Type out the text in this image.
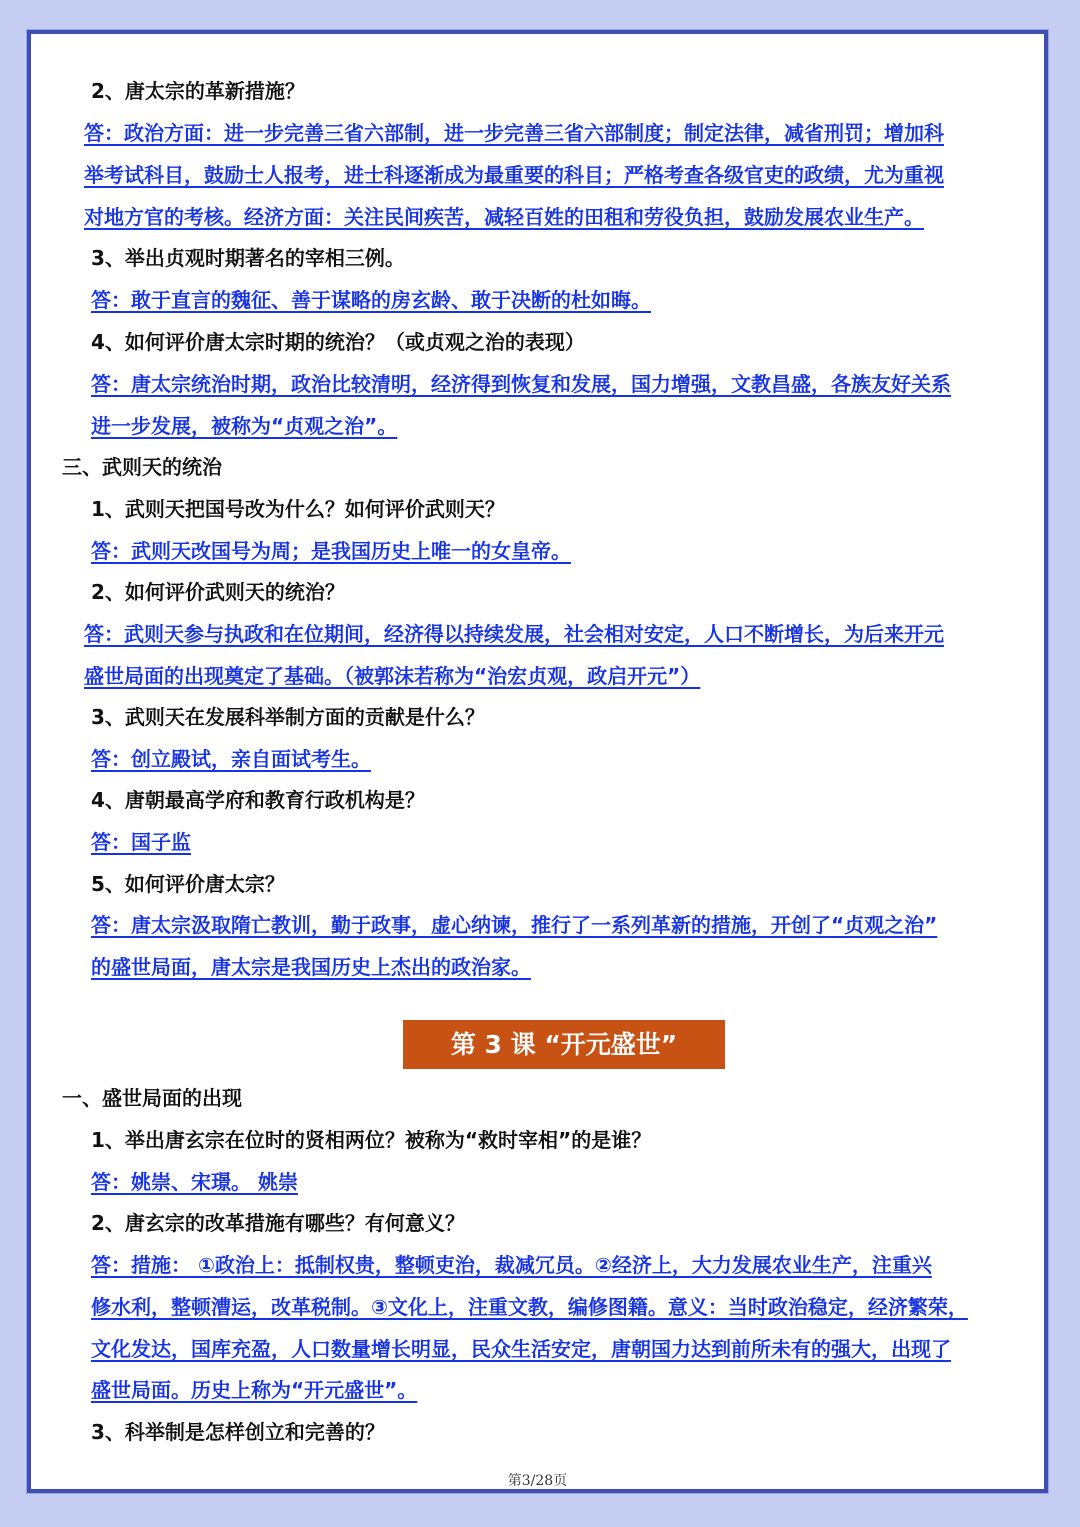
2、唐太宗的革新措施？
答：政治方面：进一步完善三省六部制，进一步完善三省六部制度；制定法律，减省刑罚；增加科
举考试科目，鼓励士人报考，进士科逐渐成为最重要的科目；严格考查各级官吏的政绩，尤为重视
对地方官的考核。经济方面：关注民间疾苦，减轻百姓的田租和劳役负担，鼓励发展农业生产。
3、举出贞观时期著名的宰相三例。
答：敢于直言的魏征、善于谋略的房玄龄、敢于决断的杜如晦。
4、如何评价唐太宗时期的统治？（或贞观之治的表现）
答：唐太宗统治时期，政治比较清明，经济得到恢复和发展，国力增强，文教昌盛，各族友好关系
进一步发展，被称为“贞观之治”。
三、武则天的统治
1、武则天把国号改为什么？如何评价武则天？
答：武则天改国号为周；是我国历史上唯一的女皇帝。
2、如何评价武则天的统治？
答：武则天参与执政和在位期间，经济得以持续发展，社会相对安定，人口不断增长，为后来开元
盛世局面的出现奠定了基础。（被郭沫若称为“治宏贞观，政启开元”）
3、武则天在发展科举制方面的贡献是什么？
答：创立殿试，亲自面试考生。
4、唐朝最高学府和教育行政机构是？
答：国子监
5、如何评价唐太宗？
答：唐太宗汲取隋亡教训，勤于政事，虚心纳谏，推行了一系列革新的措施，开创了“贞观之治”
的盛世局面，唐太宗是我国历史上杰出的政治家。
第 3 课 “开元盛世”
一、盛世局面的出现
1、举出唐玄宗在位时的贤相两位？被称为“救时宰相”的是谁？
答：姚崇、宋璟。 姚崇
2、唐玄宗的改革措施有哪些？有何意义？
答：措施： ①政治上：抵制权贵，整顿吏治，裁减冗员。②经济上，大力发展农业生产，注重兴
修水利，整顿漕运，改革税制。③文化上，注重文教，编修图籍。意义：当时政治稳定，经济繁荣，
文化发达，国库充盈，人口数量增长明显，民众生活安定，唐朝国力达到前所未有的强大，出现了
盛世局面。历史上称为“开元盛世”。
3、科举制是怎样创立和完善的？
第3/28页
